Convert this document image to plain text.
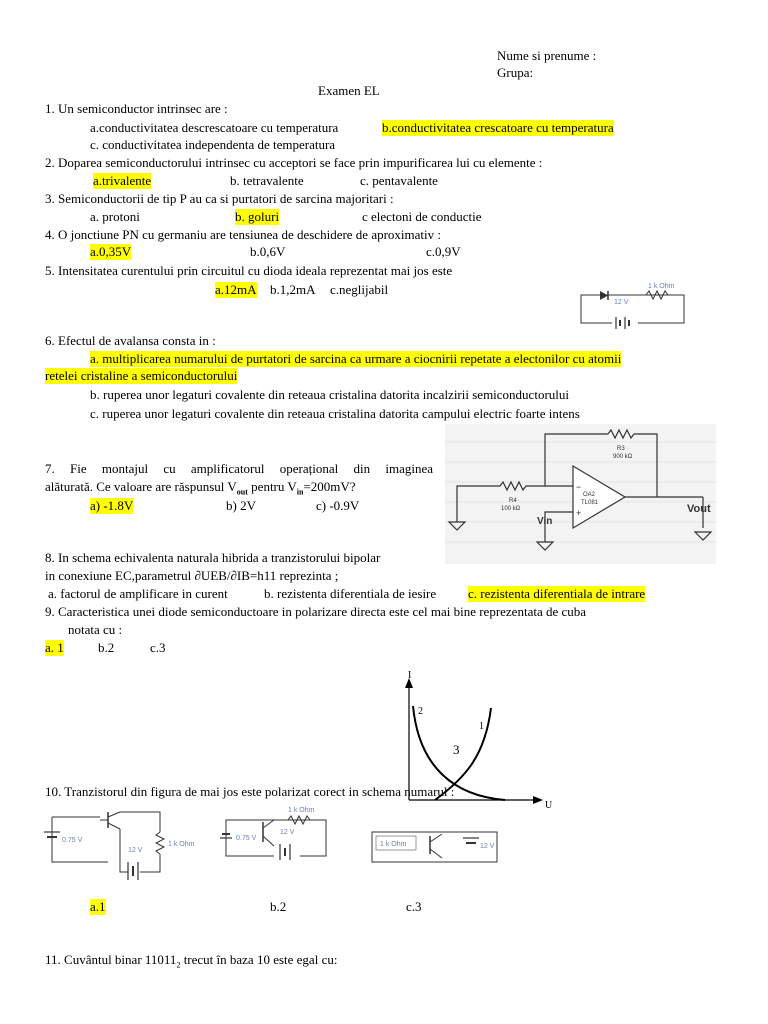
Nume si prenume :
Grupa:
Examen EL
1. Un semiconductor intrinsec are :
a.conductivitatea descrescatoare cu temperatura	b.conductivitatea crescatoare cu temperatura
c. conductivitatea independenta de temperatura
2. Doparea semiconductorului intrinsec cu acceptori se face prin impurificarea lui cu elemente :
a.trivalente	b. tetravalente	c. pentavalente
3. Semiconductorii de tip P au ca si purtatori de sarcina majoritari :
a. protoni	b. goluri	c electoni de conductie
4. O jonctiune PN cu germaniu are tensiunea de deschidere de aproximativ :
a.0,35V	b.0,6V	c.0,9V
5. Intensitatea curentului prin circuitul cu dioda ideala reprezentat mai jos este
a.12mA b.1,2mA c.neglijabil	1 k Ohm
12 V
6. Efectul de avalansa consta in :
a. multiplicarea numarului de purtatori de sarcina ca urmare a ciocnirii repetate a electonilor cu atomii
retelei cristaline a semiconductorului
b. ruperea unor legaturi covalente din reteaua cristalina datorita incalzirii semiconductorului
c. ruperea unor legaturi covalente din reteaua cristalina datorita campului electric foarte intens
R3
900 kΩ
R4
100 kΩ
OA2
TL081
−
+
Vin
Vout
7. Fie montajul cu amplificatorul operațional din imaginea
alăturată. Ce valoare are răspunsul $V_{out}$ pentru $V_{in}=200mV$?
a) -1.8V	b) 2V	c) -0.9V
8. In schema echivalenta naturala hibrida a tranzistorului bipolar
in conexiune EC,parametrul ∂UEB/∂IB=h11 reprezinta ;
a. factorul de amplificare in curent	b. rezistenta diferentiala de iesire c. rezistenta diferentiala de intrare
9. Caracteristica unei diode semiconductoare in polarizare directa este cel mai bine reprezentata de cuba
notata cu :
a. 1	b.2	c.3
I
U
1
2
3
10. Tranzistorul din figura de mai jos este polarizat corect in schema numarul :
0.75 V
12 V
1 k Ohm
1 k Ohm
0.75 V
12 V
1 k Ohm	12 V
a.1	b.2	c.3
11. Cuvântul binar $11011_2$ trecut în baza 10 este egal cu:
